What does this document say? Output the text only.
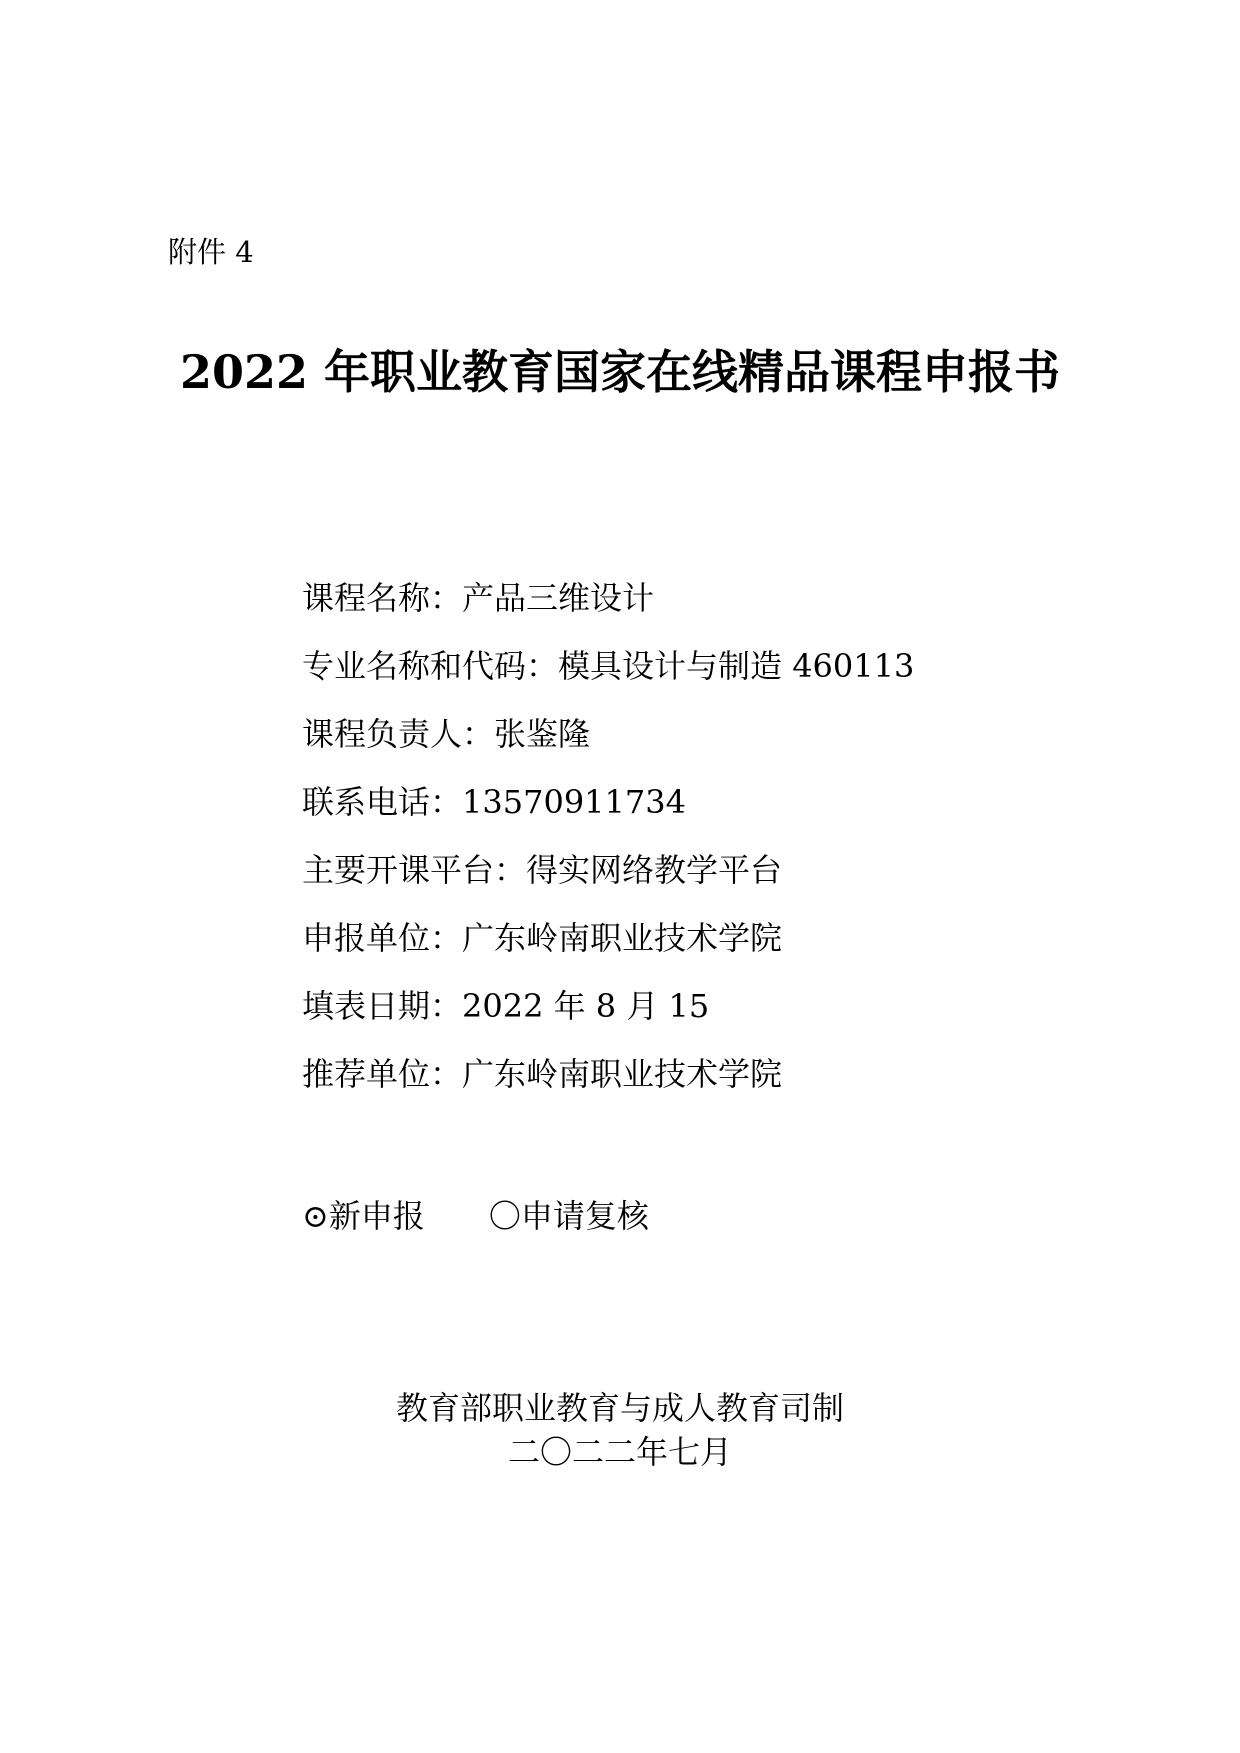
附件 4
2022 年职业教育国家在线精品课程申报书
课程名称：产品三维设计
专业名称和代码：模具设计与制造 460113
课程负责人：张鉴隆
联系电话：13570911734
主要开课平台：得实网络教学平台
申报单位：广东岭南职业技术学院
填表日期：2022 年 8 月 15
推荐单位：广东岭南职业技术学院
⊙新申报 〇申请复核
教育部职业教育与成人教育司制
二〇二二年七月
